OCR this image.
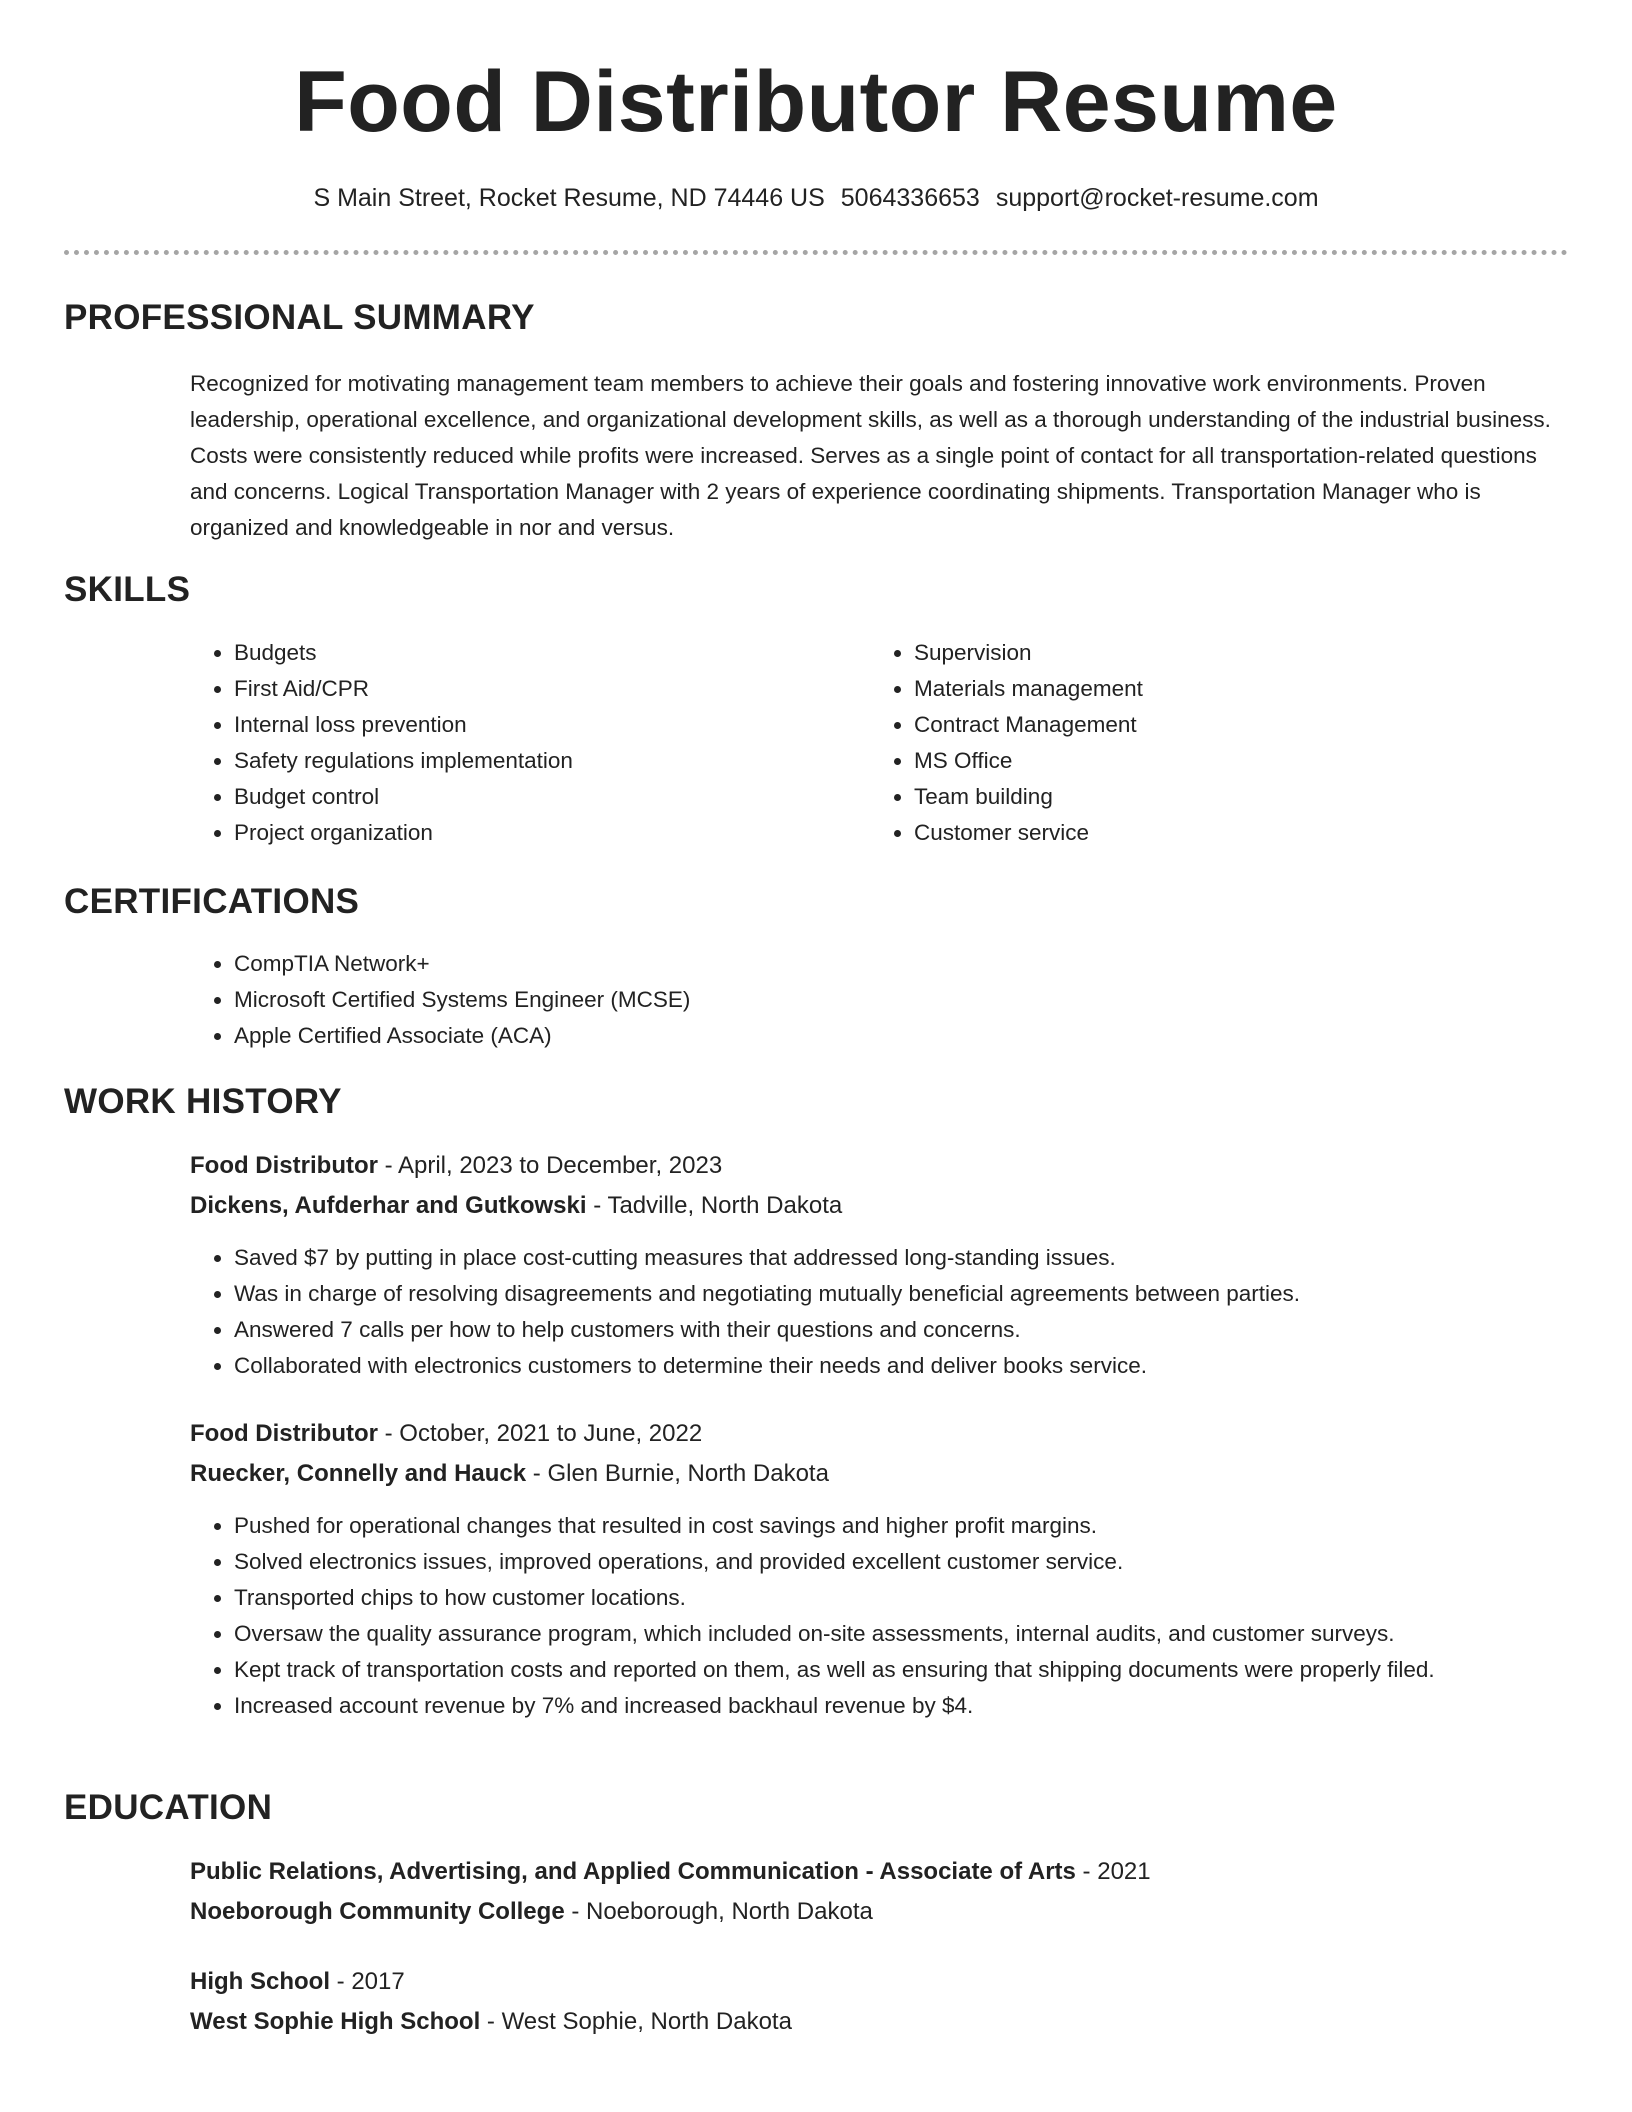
Food Distributor Resume
S Main Street, Rocket Resume, ND 74446 US 5064336653 support@rocket-resume.com
PROFESSIONAL SUMMARY

Recognized for motivating management team members to achieve their goals and fostering innovative work environments. Proven leadership, operational excellence, and organizational development skills, as well as a thorough understanding of the industrial business. Costs were consistently reduced while profits were increased. Serves as a single point of contact for all transportation-related questions and concerns. Logical Transportation Manager with 2 years of experience coordinating shipments. Transportation Manager who is organized and knowledgeable in nor and versus.

SKILLS
• Budgets
• First Aid/CPR
• Internal loss prevention
• Safety regulations implementation
• Budget control
• Project organization
• Supervision
• Materials management
• Contract Management
• MS Office
• Team building
• Customer service
CERTIFICATIONS
• CompTIA Network+
• Microsoft Certified Systems Engineer (MCSE)
• Apple Certified Associate (ACA)
WORK HISTORY
Food Distributor - April, 2023 to December, 2023
Dickens, Aufderhar and Gutkowski - Tadville, North Dakota
• Saved $7 by putting in place cost-cutting measures that addressed long-standing issues.
• Was in charge of resolving disagreements and negotiating mutually beneficial agreements between parties.
• Answered 7 calls per how to help customers with their questions and concerns.
• Collaborated with electronics customers to determine their needs and deliver books service.
Food Distributor - October, 2021 to June, 2022
Ruecker, Connelly and Hauck - Glen Burnie, North Dakota
• Pushed for operational changes that resulted in cost savings and higher profit margins.
• Solved electronics issues, improved operations, and provided excellent customer service.
• Transported chips to how customer locations.
• Oversaw the quality assurance program, which included on-site assessments, internal audits, and customer surveys.
• Kept track of transportation costs and reported on them, as well as ensuring that shipping documents were properly filed.
• Increased account revenue by 7% and increased backhaul revenue by $4.
EDUCATION
Public Relations, Advertising, and Applied Communication - Associate of Arts - 2021
Noeborough Community College - Noeborough, North Dakota
High School - 2017
West Sophie High School - West Sophie, North Dakota
